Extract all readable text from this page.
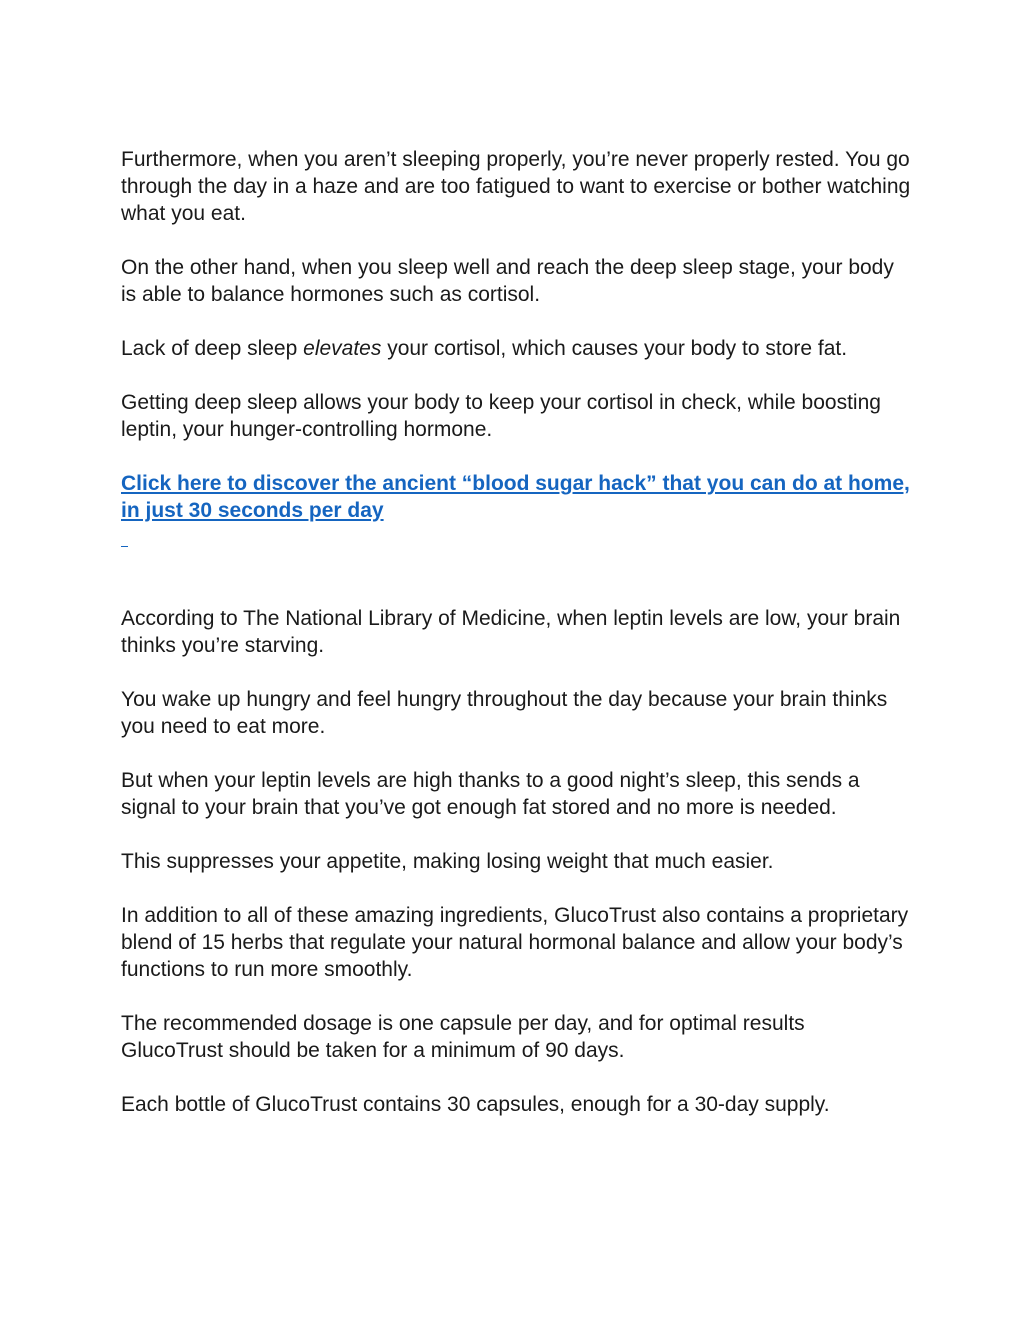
Furthermore, when you aren’t sleeping properly, you’re never properly rested. You go through the day in a haze and are too fatigued to want to exercise or bother watching what you eat.

On the other hand, when you sleep well and reach the deep sleep stage, your body is able to balance hormones such as cortisol.

Lack of deep sleep elevates your cortisol, which causes your body to store fat.

Getting deep sleep allows your body to keep your cortisol in check, while boosting leptin, your hunger-controlling hormone.

Click here to discover the ancient “blood sugar hack” that you can do at home, in just 30 seconds per day

According to The National Library of Medicine, when leptin levels are low, your brain thinks you’re starving.

You wake up hungry and feel hungry throughout the day because your brain thinks you need to eat more.

But when your leptin levels are high thanks to a good night’s sleep, this sends a signal to your brain that you’ve got enough fat stored and no more is needed.

This suppresses your appetite, making losing weight that much easier.

In addition to all of these amazing ingredients, GlucoTrust also contains a proprietary blend of 15 herbs that regulate your natural hormonal balance and allow your body’s functions to run more smoothly.

The recommended dosage is one capsule per day, and for optimal results GlucoTrust should be taken for a minimum of 90 days.

Each bottle of GlucoTrust contains 30 capsules, enough for a 30-day supply.
